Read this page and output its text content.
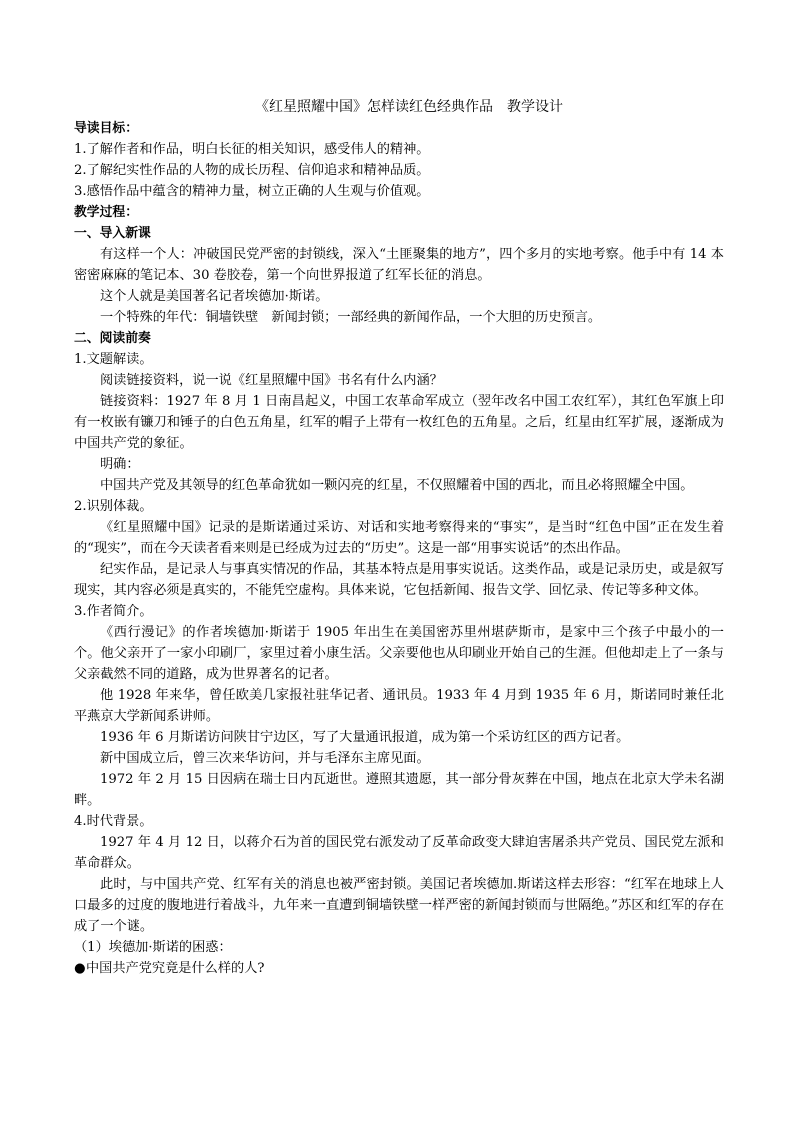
《红星照耀中国》怎样读红色经典作品　教学设计

导读目标：

1.了解作者和作品，明白长征的相关知识，感受伟人的精神。

2.了解纪实性作品的人物的成长历程、信仰追求和精神品质。

3.感悟作品中蕴含的精神力量，树立正确的人生观与价值观。

教学过程：

一、导入新课

有这样一个人：冲破国民党严密的封锁线，深入“土匪聚集的地方”，四个多月的实地考察。他手中有 14 本密密麻麻的笔记本、30 卷胶卷，第一个向世界报道了红军长征的消息。

这个人就是美国著名记者埃德加·斯诺。

一个特殊的年代：铜墙铁壁　新闻封锁；一部经典的新闻作品，一个大胆的历史预言。

二、阅读前奏

1.文题解读。

阅读链接资料，说一说《红星照耀中国》书名有什么内涵？

链接资料：1927 年 8 月 1 日南昌起义，中国工农革命军成立（翌年改名中国工农红军），其红色军旗上印有一枚嵌有镰刀和锤子的白色五角星，红军的帽子上带有一枚红色的五角星。之后，红星由红军扩展，逐渐成为中国共产党的象征。

明确：

中国共产党及其领导的红色革命犹如一颗闪亮的红星，不仅照耀着中国的西北，而且必将照耀全中国。

2.识别体裁。

《红星照耀中国》记录的是斯诺通过采访、对话和实地考察得来的“事实”，是当时“红色中国”正在发生着的“现实”，而在今天读者看来则是已经成为过去的“历史”。这是一部“用事实说话”的杰出作品。

纪实作品，是记录人与事真实情况的作品，其基本特点是用事实说话。这类作品，或是记录历史，或是叙写现实，其内容必须是真实的，不能凭空虚构。具体来说，它包括新闻、报告文学、回忆录、传记等多种文体。

3.作者简介。

《西行漫记》的作者埃德加·斯诺于 1905 年出生在美国密苏里州堪萨斯市，是家中三个孩子中最小的一个。他父亲开了一家小印刷厂，家里过着小康生活。父亲要他也从印刷业开始自己的生涯。但他却走上了一条与父亲截然不同的道路，成为世界著名的记者。

他 1928 年来华，曾任欧美几家报社驻华记者、通讯员。1933 年 4 月到 1935 年 6 月，斯诺同时兼任北平燕京大学新闻系讲师。

1936 年 6 月斯诺访问陕甘宁边区，写了大量通讯报道，成为第一个采访红区的西方记者。

新中国成立后，曾三次来华访问，并与毛泽东主席见面。

1972 年 2 月 15 日因病在瑞士日内瓦逝世。遵照其遗愿，其一部分骨灰葬在中国，地点在北京大学未名湖畔。

4.时代背景。

1927 年 4 月 12 日，以蒋介石为首的国民党右派发动了反革命政变大肆迫害屠杀共产党员、国民党左派和革命群众。

此时，与中国共产党、红军有关的消息也被严密封锁。美国记者埃德加.斯诺这样去形容：“红军在地球上人口最多的过度的腹地进行着战斗，九年来一直遭到铜墙铁壁一样严密的新闻封锁而与世隔绝。”苏区和红军的存在成了一个谜。

（1）埃德加·斯诺的困惑：

●中国共产党究竟是什么样的人?
